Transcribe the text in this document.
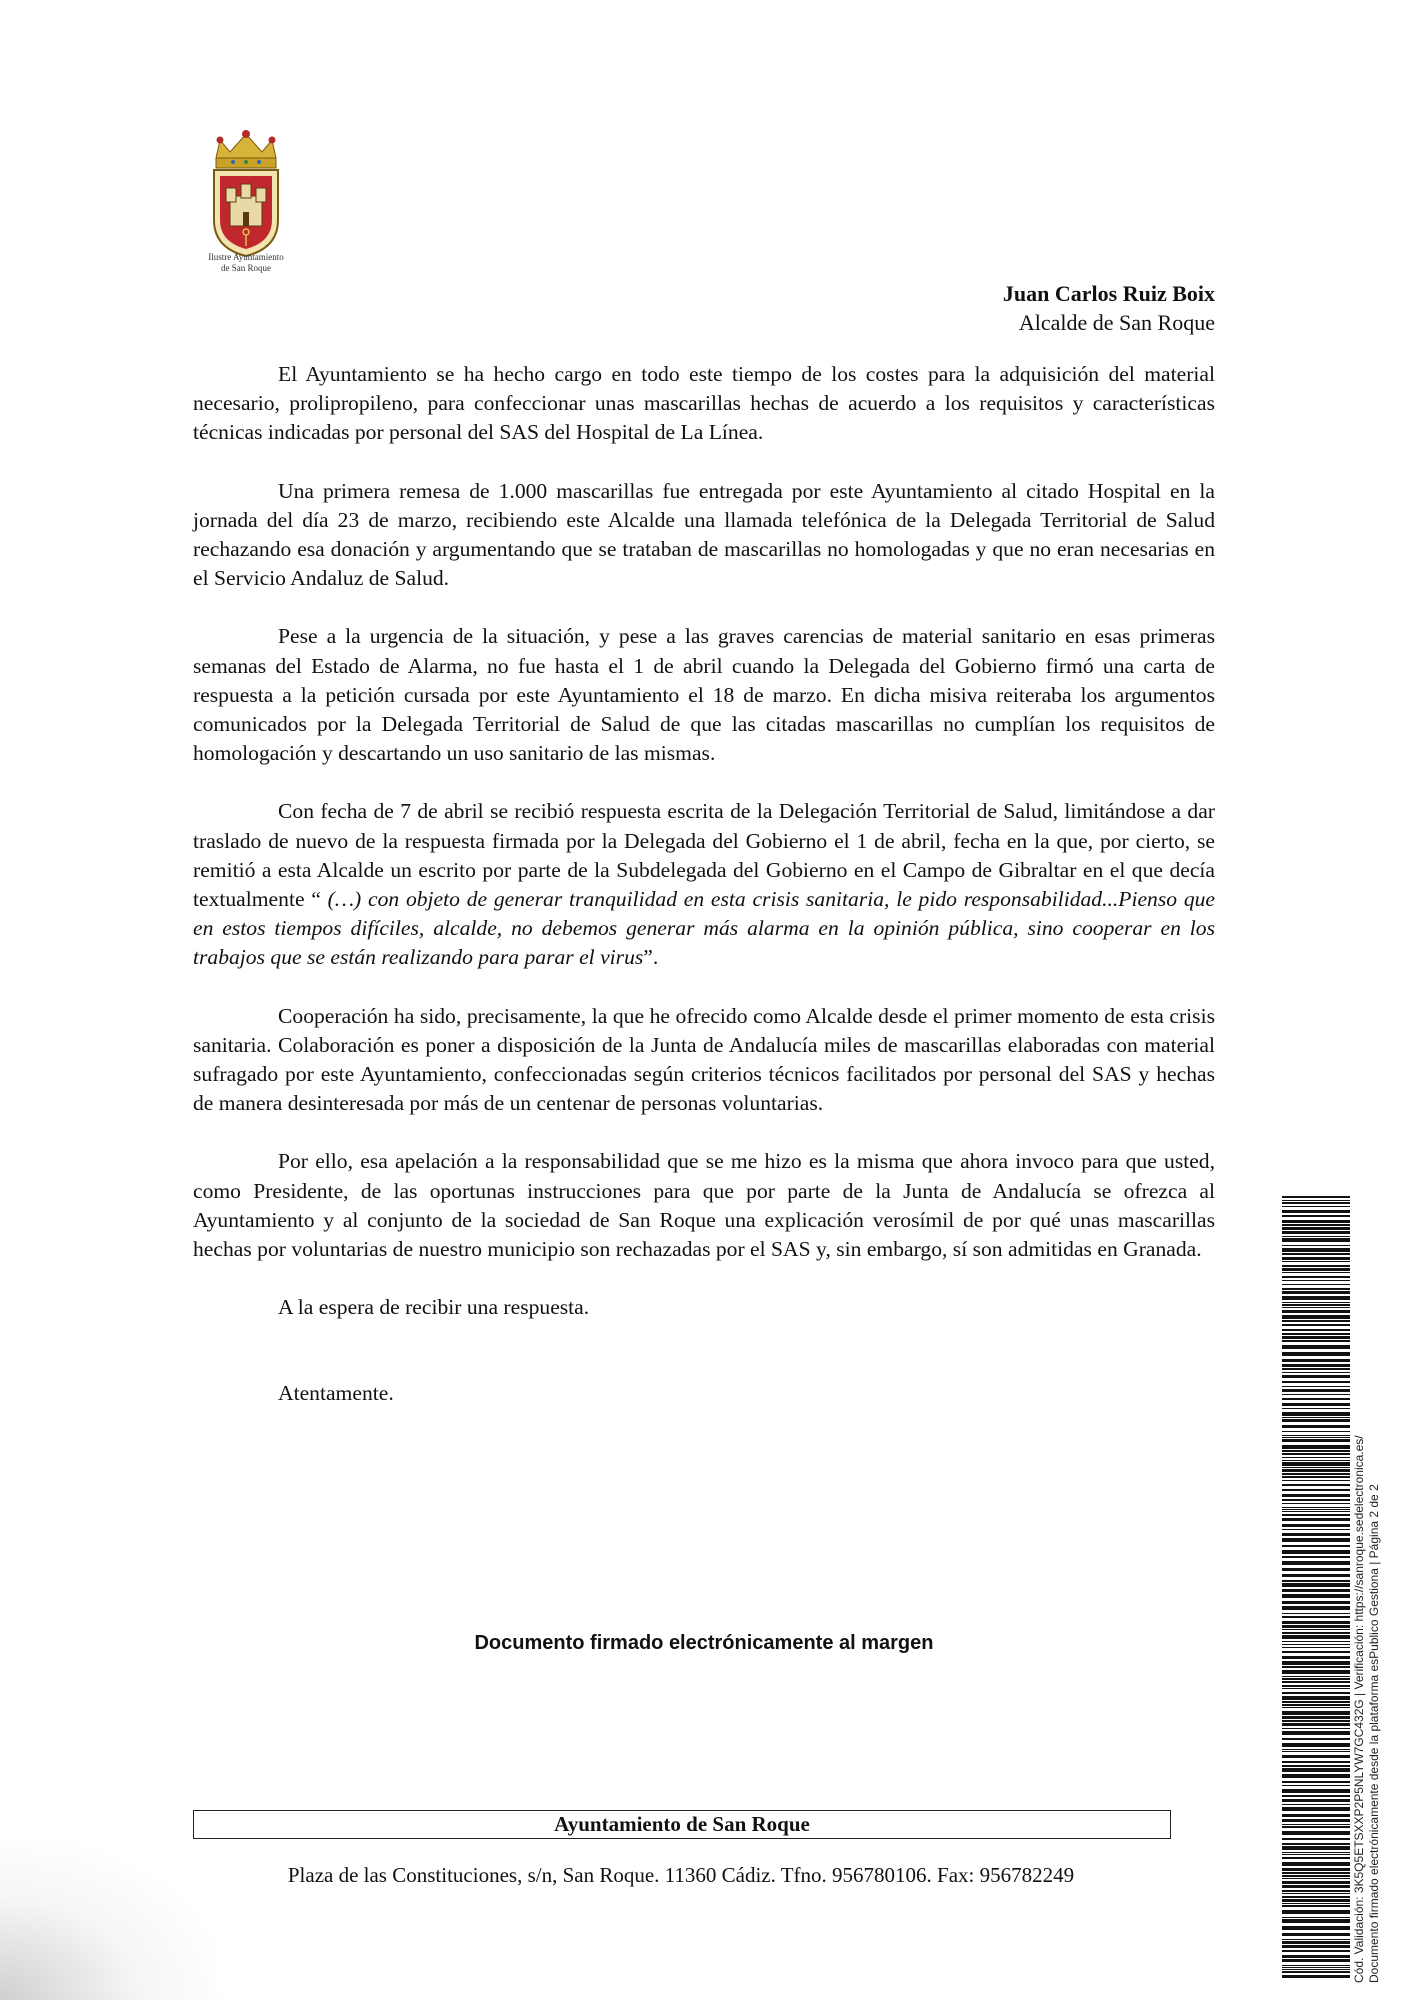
Ilustre Ayuntamiento
de San Roque
Juan Carlos Ruiz Boix
Alcalde de San Roque

El Ayuntamiento se ha hecho cargo en todo este tiempo de los costes para la adquisición del material necesario, prolipropileno, para confeccionar unas mascarillas hechas de acuerdo a los requisitos y características técnicas indicadas por personal del SAS del Hospital de La Línea.

Una primera remesa de 1.000 mascarillas fue entregada por este Ayuntamiento al citado Hospital en la jornada del día 23 de marzo, recibiendo este Alcalde una llamada telefónica de la Delegada Territorial de Salud rechazando esa donación y argumentando que se trataban de mascarillas no homologadas y que no eran necesarias en el Servicio Andaluz de Salud.

Pese a la urgencia de la situación, y pese a las graves carencias de material sanitario en esas primeras semanas del Estado de Alarma, no fue hasta el 1 de abril cuando la Delegada del Gobierno firmó una carta de respuesta a la petición cursada por este Ayuntamiento el 18 de marzo. En dicha misiva reiteraba los argumentos comunicados por la Delegada Territorial de Salud de que las citadas mascarillas no cumplían los requisitos de homologación y descartando un uso sanitario de las mismas.

Con fecha de 7 de abril se recibió respuesta escrita de la Delegación Territorial de Salud, limitándose a dar traslado de nuevo de la respuesta firmada por la Delegada del Gobierno el 1 de abril, fecha en la que, por cierto, se remitió a esta Alcalde un escrito por parte de la Subdelegada del Gobierno en el Campo de Gibraltar en el que decía textualmente “ (…) con objeto de generar tranquilidad en esta crisis sanitaria, le pido responsabilidad...Pienso que en estos tiempos difíciles, alcalde, no debemos generar más alarma en la opinión pública, sino cooperar en los trabajos que se están realizando para parar el virus”.

Cooperación ha sido, precisamente, la que he ofrecido como Alcalde desde el primer momento de esta crisis sanitaria. Colaboración es poner a disposición de la Junta de Andalucía miles de mascarillas elaboradas con material sufragado por este Ayuntamiento, confeccionadas según criterios técnicos facilitados por personal del SAS y hechas de manera desinteresada por más de un centenar de personas voluntarias.

Por ello, esa apelación a la responsabilidad que se me hizo es la misma que ahora invoco para que usted, como Presidente, de las oportunas instrucciones para que por parte de la Junta de Andalucía se ofrezca al Ayuntamiento y al conjunto de la sociedad de San Roque una explicación verosímil de por qué unas mascarillas hechas por voluntarias de nuestro municipio son rechazadas por el SAS y, sin embargo, sí son admitidas en Granada.

A la espera de recibir una respuesta.

Atentamente.

Documento firmado electrónicamente al margen
Ayuntamiento de San Roque
Plaza de las Constituciones, s/n, San Roque. 11360 Cádiz. Tfno. 956780106. Fax: 956782249	Cód. Validación: 3K5Q5ETSXXP2P5NLYW7GC432G | Verificación: https://sanroque.sedelectronica.es/ Documento firmado electrónicamente desde la plataforma esPublico Gestiona | Página 2 de 2
